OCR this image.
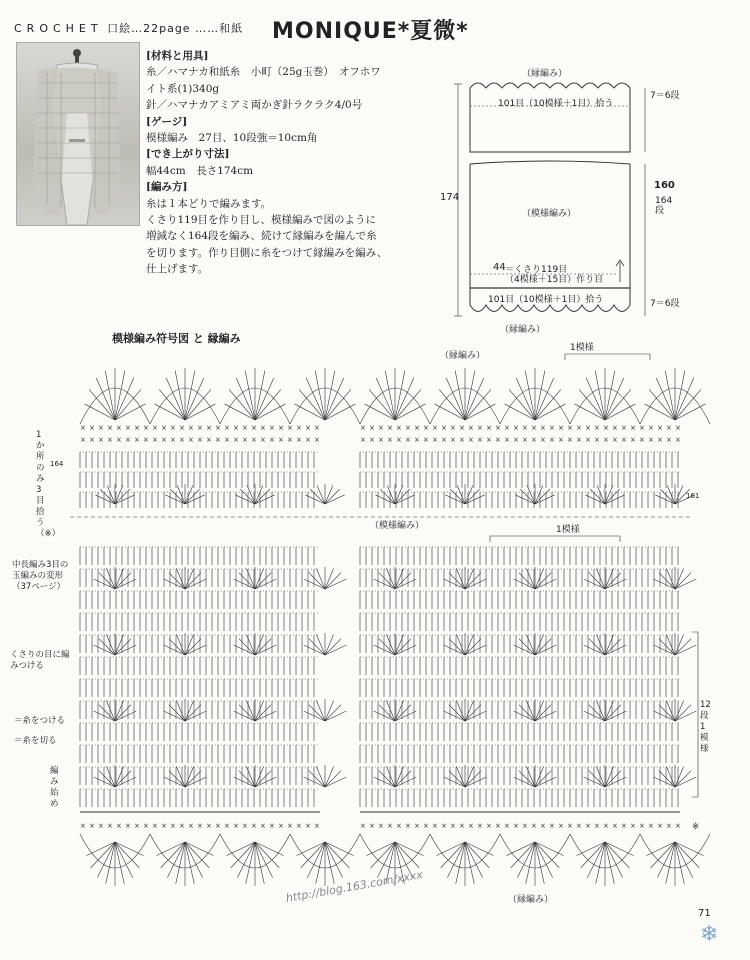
CROCHET 口絵…22page ……和紙 MONIQUE*夏微*

[材料と用具]

糸／ハマナカ和紙糸　小町（25g玉巻）　オフホワ

イト系(1)340g

針／ハマナカアミアミ両かぎ針ラクラク4/0号

[ゲージ]

模様編み　27目、10段強＝10cm角

[でき上がり寸法]

幅44cm　長さ174cm

[編み方]

糸は１本どりで編みます。

くさり119目を作り目し、模様編みで図のように

増減なく164段を編み、続けて縁編みを編んで糸

を切ります。作り目側に糸をつけて縁編みを編み、

仕上げます。

（縁編み）
101目（10模様＋1目）拾う
7＝6段
174
160
164段
（模様編み）
44 ＝くさり119目
（4模様＋15目）作り目
101目（10模様＋1目）拾う	7＝6段
（縁編み）
模様編み符号図 と 縁編み
× × × × × × × × × × × × × × × × × × × × × × × × × × ×
× × × × × × × × × × × × × × × × × × × × × × × × × × ×
× × × × × × × × × × × × × × × × × × × × × × × × × × ×
× × × × × × × × × × × × × × × × × × × × × × × × × × × × × × × × × × × ×
× × × × × × × × × × × × × × × × × × × × × × × × × × × × × × × × × × × ×
× × × × × × × × × × × × × × × × × × × × × × × × × × × × × × × × × × × ×
（縁編み）
1模様
（模様編み）	1模様
（縁編み）
1か所のみ3目拾う（※）
164
161
中長編み3目の玉編みの変形（37ページ）
くさりの目に編みつける
＝糸をつける
＝糸を切る
編み始め
12段1模様
※
http://blog.163.com/xxxx
71
❄
